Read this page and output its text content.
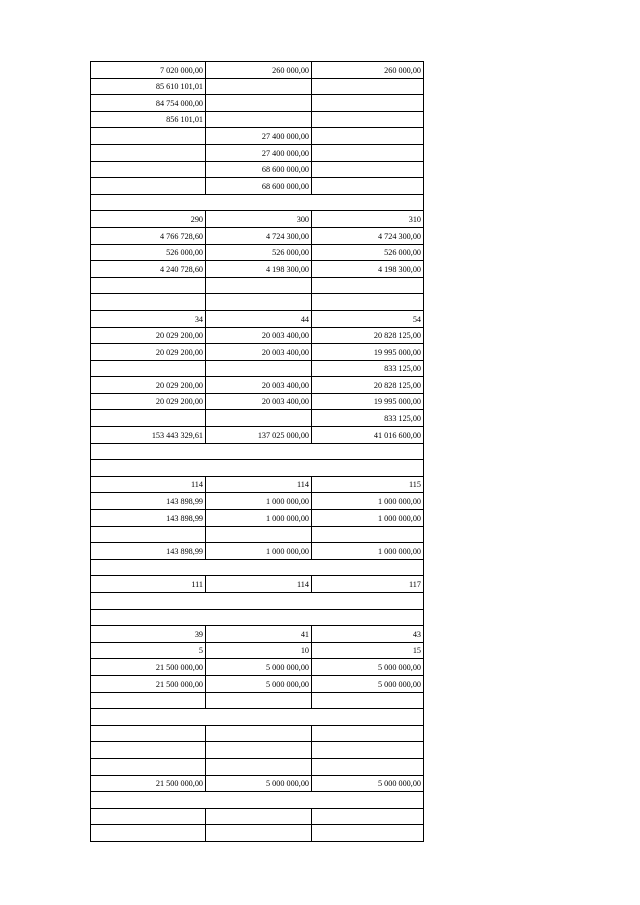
7 020 000,00	260 000,00	260 000,00
85 610 101,01		
84 754 000,00		
856 101,01		
	27 400 000,00	
	27 400 000,00	
	68 600 000,00	
	68 600 000,00	

290	300	310
4 766 728,60	4 724 300,00	4 724 300,00
526 000,00	526 000,00	526 000,00
4 240 728,60	4 198 300,00	4 198 300,00

34	44	54
20 029 200,00	20 003 400,00	20 828 125,00
20 029 200,00	20 003 400,00	19 995 000,00
		833 125,00
20 029 200,00	20 003 400,00	20 828 125,00
20 029 200,00	20 003 400,00	19 995 000,00
		833 125,00
153 443 329,61	137 025 000,00	41 016 600,00

114	114	115
143 898,99	1 000 000,00	1 000 000,00
143 898,99	1 000 000,00	1 000 000,00

143 898,99	1 000 000,00	1 000 000,00

111	114	117

39	41	43
5	10	15
21 500 000,00	5 000 000,00	5 000 000,00
21 500 000,00	5 000 000,00	5 000 000,00

21 500 000,00	5 000 000,00	5 000 000,00
